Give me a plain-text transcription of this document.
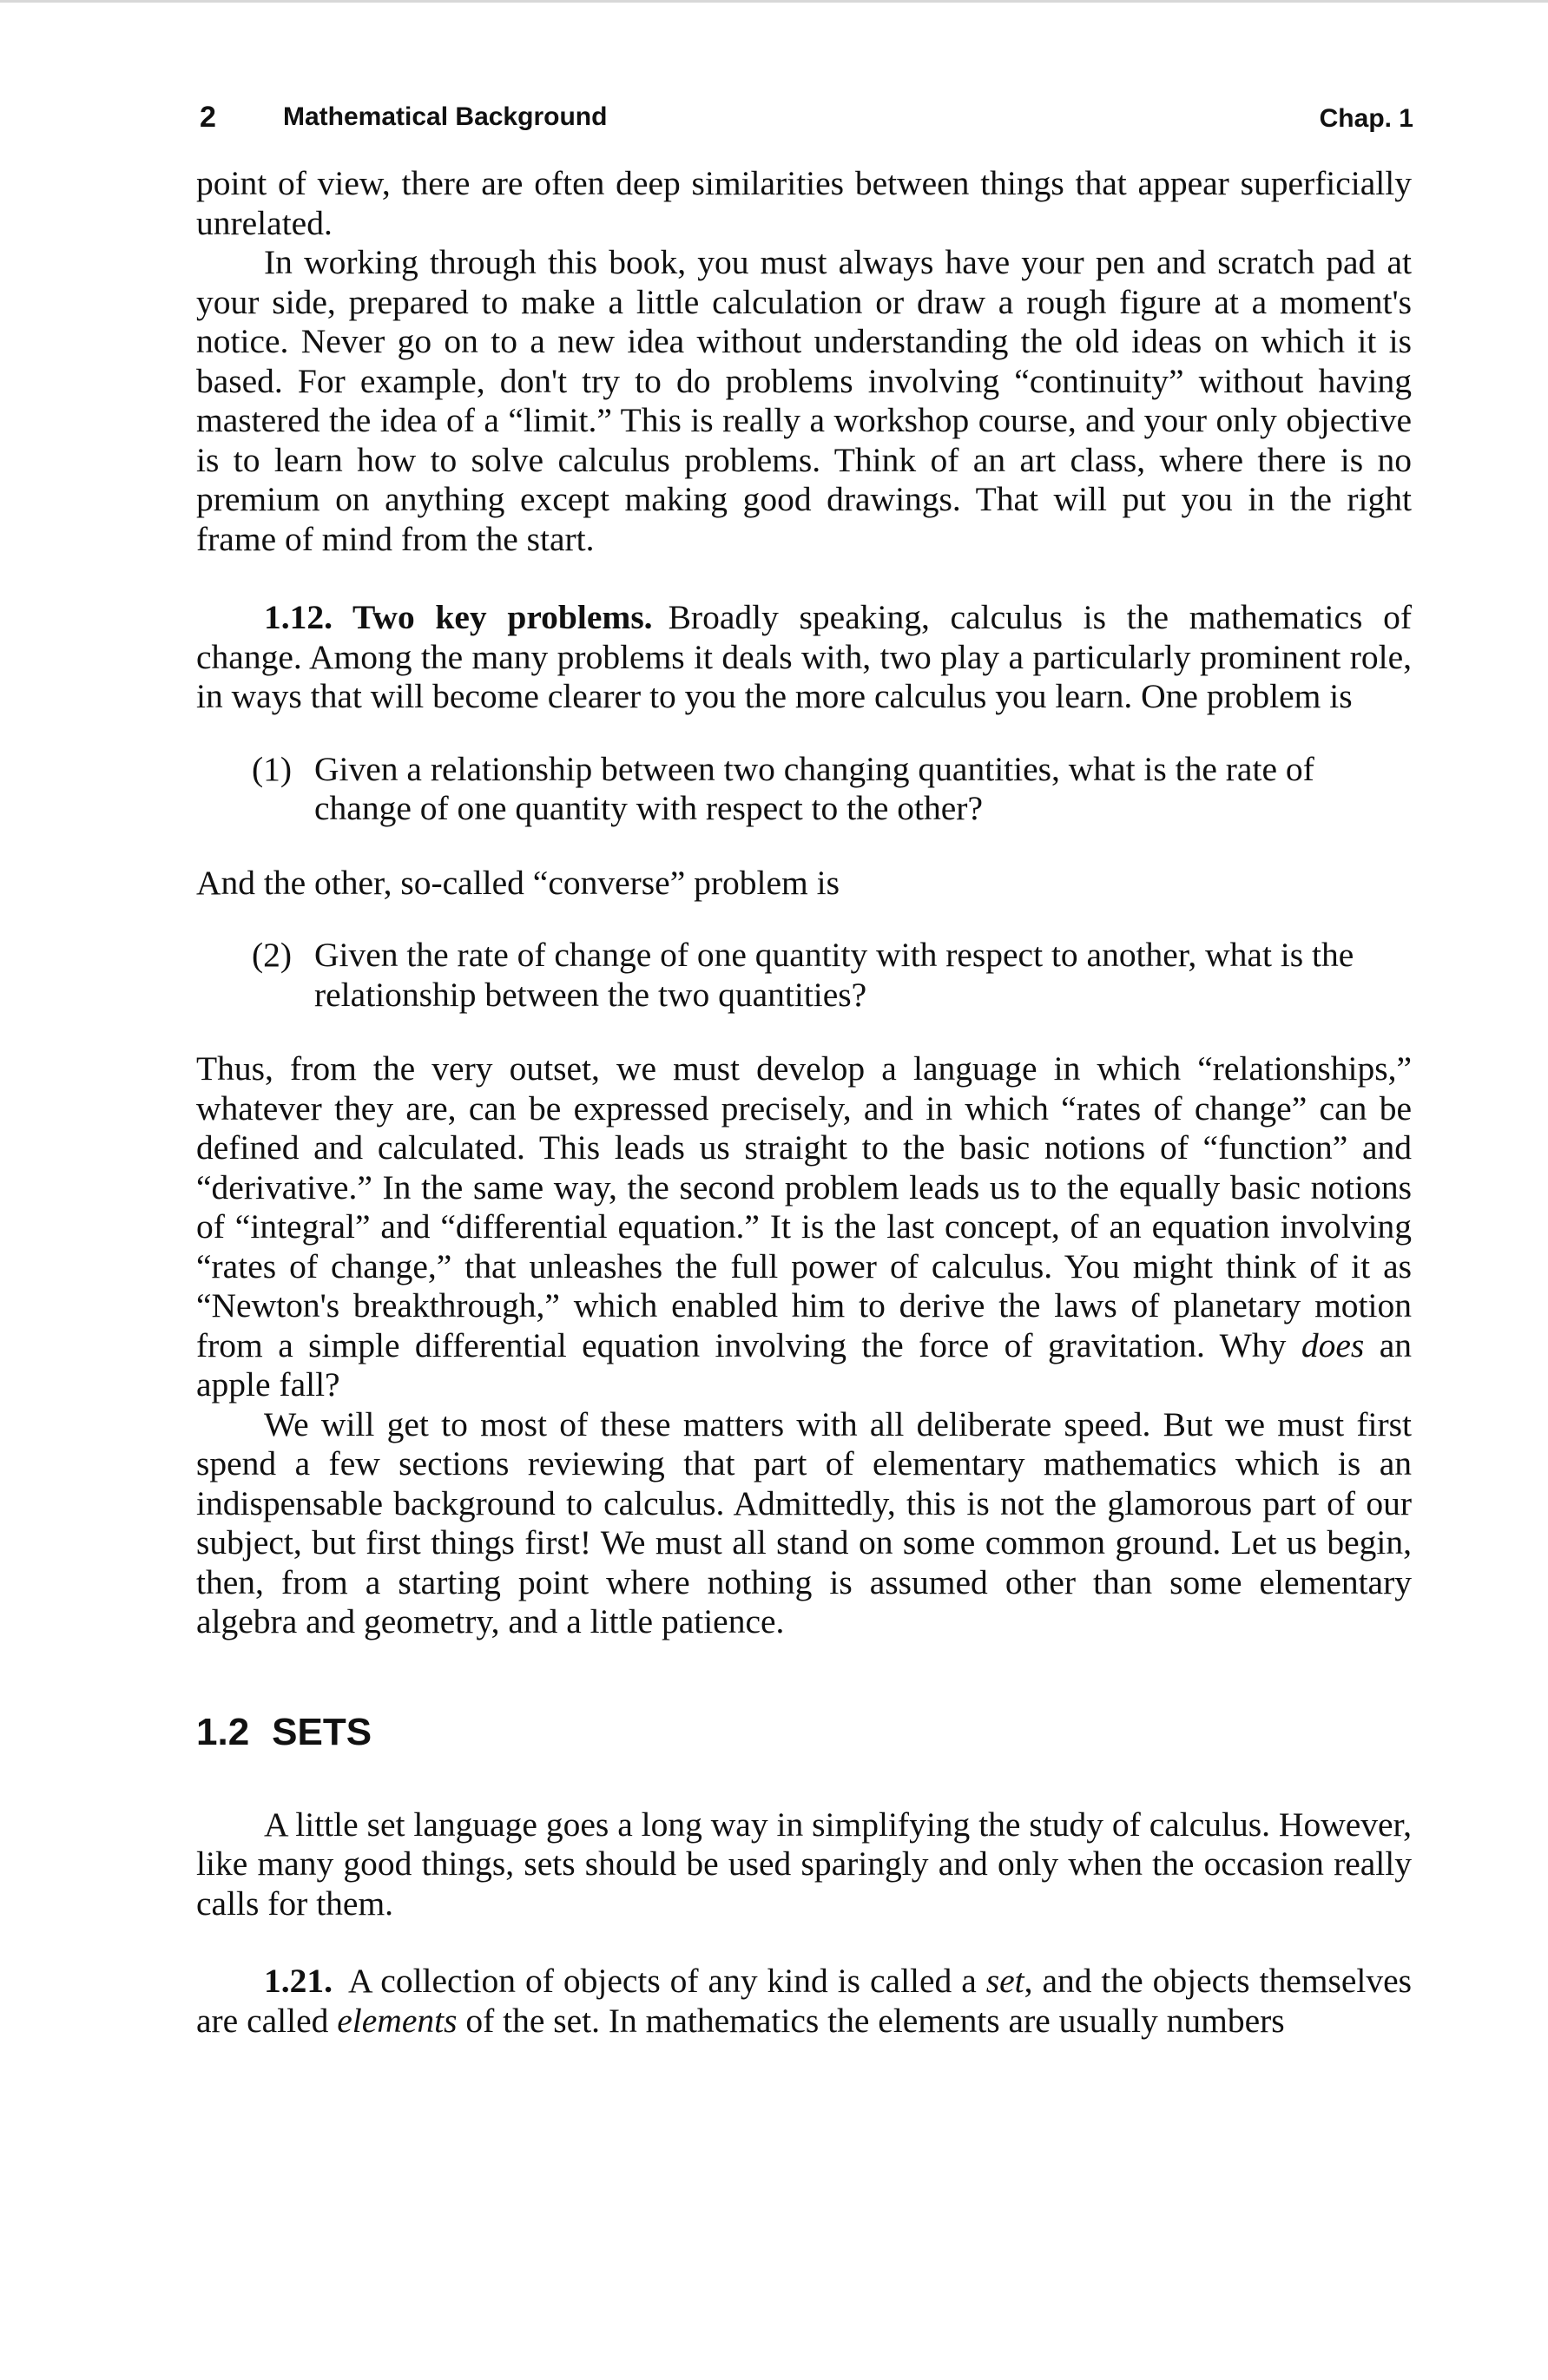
2	Mathematical Background	Chap. 1

point of view, there are often deep similarities between things that appear superficially unrelated.

In working through this book, you must always have your pen and scratch pad at your side, prepared to make a little calculation or draw a rough figure at a moment's notice. Never go on to a new idea without understanding the old ideas on which it is based. For example, don't try to do problems involving “continuity” without having mastered the idea of a “limit.” This is really a workshop course, and your only objective is to learn how to solve calculus problems. Think of an art class, where there is no premium on anything except making good drawings. That will put you in the right frame of mind from the start.

1.12. Two key problems. Broadly speaking, calculus is the mathematics of change. Among the many problems it deals with, two play a particularly prominent role, in ways that will become clearer to you the more calculus you learn. One problem is

(1) Given a relationship between two changing quantities, what is the rate of change of one quantity with respect to the other?

And the other, so-called “converse” problem is

(2) Given the rate of change of one quantity with respect to another, what is the relationship between the two quantities?

Thus, from the very outset, we must develop a language in which “relationships,” whatever they are, can be expressed precisely, and in which “rates of change” can be defined and calculated. This leads us straight to the basic notions of “function” and “derivative.” In the same way, the second problem leads us to the equally basic notions of “integral” and “differential equation.” It is the last concept, of an equation involving “rates of change,” that unleashes the full power of calculus. You might think of it as “Newton's breakthrough,” which enabled him to derive the laws of planetary motion from a simple differential equation involving the force of gravitation. Why does an apple fall?

We will get to most of these matters with all deliberate speed. But we must first spend a few sections reviewing that part of elementary mathematics which is an indispensable background to calculus. Admittedly, this is not the glamorous part of our subject, but first things first! We must all stand on some common ground. Let us begin, then, from a starting point where nothing is assumed other than some elementary algebra and geometry, and a little patience.

1.2 SETS

A little set language goes a long way in simplifying the study of calculus. However, like many good things, sets should be used sparingly and only when the occasion really calls for them.

1.21. A collection of objects of any kind is called a set, and the objects themselves are called elements of the set. In mathematics the elements are usually numbers
